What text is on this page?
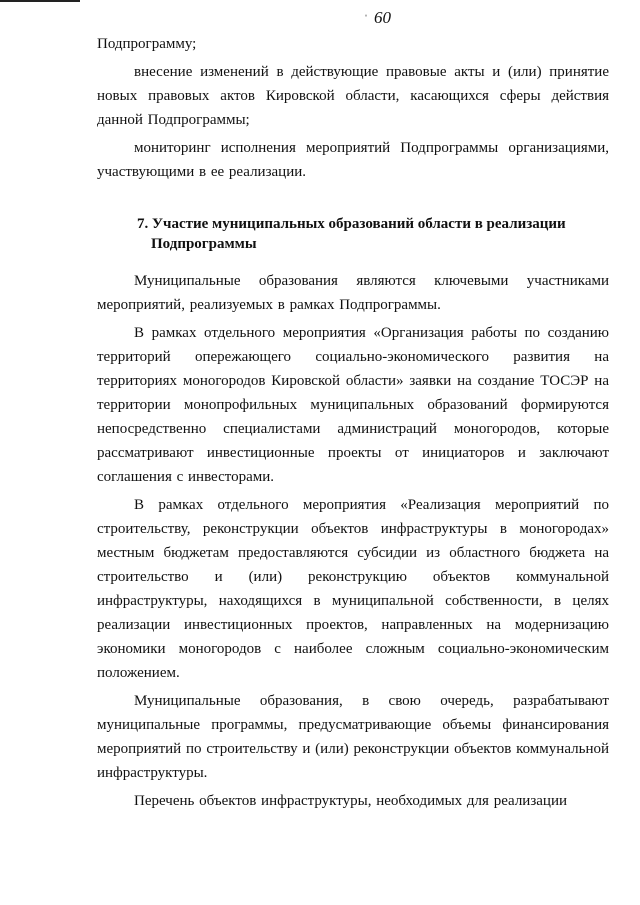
ˈ 60

Подпрограмму;

внесение изменений в действующие правовые акты и (или) принятие новых правовых актов Кировской области, касающихся сферы действия данной Подпрограммы;

мониторинг исполнения мероприятий Подпрограммы организациями, участвующими в ее реализации.

7. Участие муниципальных образований области в реализации
Подпрограммы

Муниципальные образования являются ключевыми участниками мероприятий, реализуемых в рамках Подпрограммы.

В рамках отдельного мероприятия «Организация работы по созданию территорий опережающего социально-экономического развития на территориях моногородов Кировской области» заявки на создание ТОСЭР на территории монопрофильных муниципальных образований формируются непосредственно специалистами администраций моногородов, которые рассматривают инвестиционные проекты от инициаторов и заключают соглашения с инвесторами.

В рамках отдельного мероприятия «Реализация мероприятий по строительству, реконструкции объектов инфраструктуры в моногородах» местным бюджетам предоставляются субсидии из областного бюджета на строительство и (или) реконструкцию объектов коммунальной инфраструктуры, находящихся в муниципальной собственности, в целях реализации инвестиционных проектов, направленных на модернизацию экономики моногородов с наиболее сложным социально-экономическим положением.

Муниципальные образования, в свою очередь, разрабатывают муниципальные программы, предусматривающие объемы финансирования мероприятий по строительству и (или) реконструкции объектов коммунальной инфраструктуры.

Перечень объектов инфраструктуры, необходимых для реализации
